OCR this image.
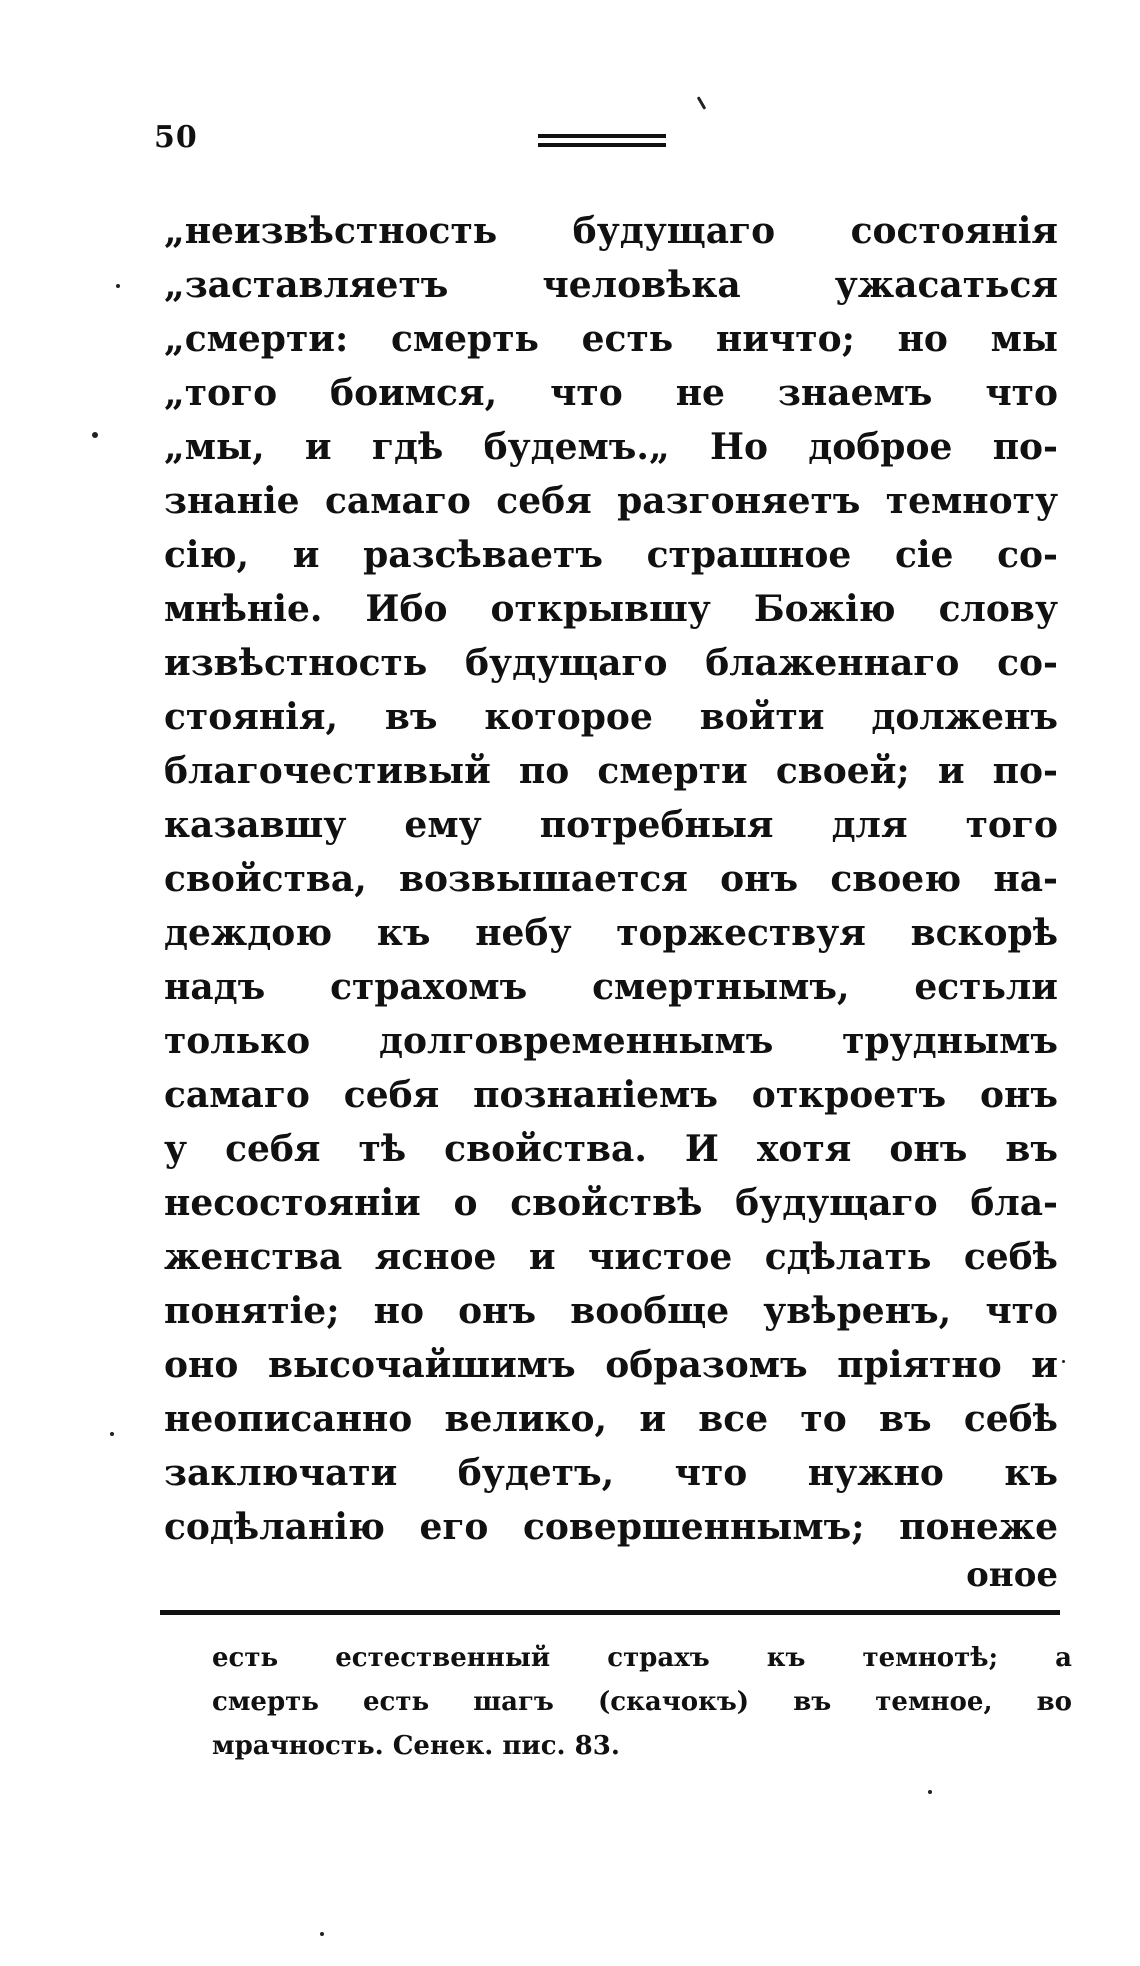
50
„неизвѣстность будущаго состоянія
„заставляетъ человѣка ужасаться
„смерти: смерть есть ничто; но мы
„того боимся, что не знаемъ что
„мы, и гдѣ будемъ.„ Но доброе по-
знаніе самаго себя разгоняетъ темноту
сію, и разсѣваетъ страшное сіе со-
мнѣніе. Ибо открывшу Божію слову
извѣстность будущаго блаженнаго со-
стоянія, въ которое войти долженъ
благочестивый по смерти своей; и по-
казавшу ему потребныя для того
свойства, возвышается онъ своею на-
деждою къ небу торжествуя вскорѣ
надъ страхомъ смертнымъ, естьли
только долговременнымъ труднымъ
самаго себя познаніемъ откроетъ онъ
у себя тѣ свойства. И хотя онъ въ
несостояніи о свойствѣ будущаго бла-
женства ясное и чистое сдѣлать себѣ
понятіе; но онъ вообще увѣренъ, что
оно высочайшимъ образомъ пріятно и
неописанно велико, и все то въ себѣ
заключати будетъ, что нужно къ
содѣланію его совершеннымъ; понеже
оное
есть естественный страхъ къ темнотѣ; а
смерть есть шагъ (скачокъ) въ темное, во
мрачность. Сенек. пис. 83.
